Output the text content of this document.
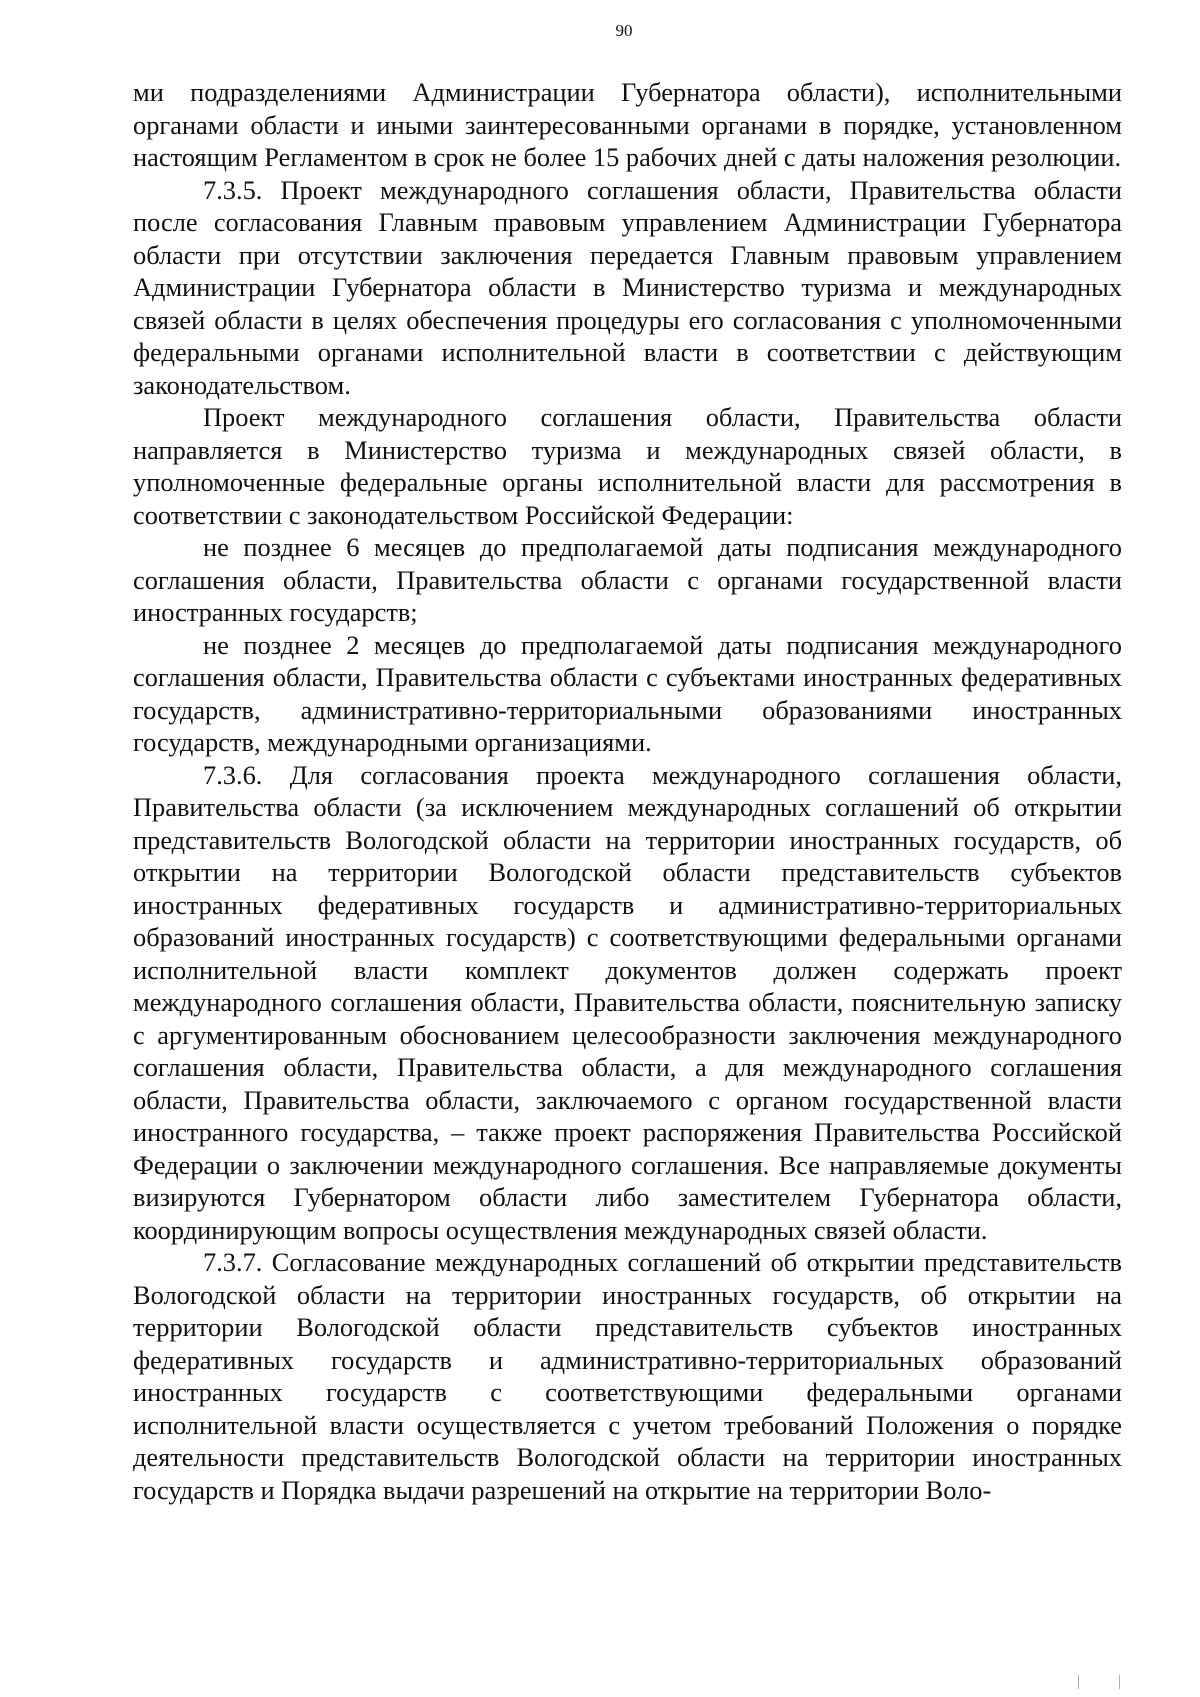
90

ми подразделениями Администрации Губернатора области), исполнительными органами области и иными заинтересованными органами в порядке, установленном настоящим Регламентом в срок не более 15 рабочих дней с даты наложения резолюции.

7.3.5. Проект международного соглашения области, Правительства области после согласования Главным правовым управлением Администрации Губернатора области при отсутствии заключения передается Главным правовым управлением Администрации Губернатора области в Министерство туризма и международных связей области в целях обеспечения процедуры его согласования с уполномоченными федеральными органами исполнительной власти в соответствии с действующим законодательством.

Проект международного соглашения области, Правительства области направляется в Министерство туризма и международных связей области, в уполномоченные федеральные органы исполнительной власти для рассмотрения в соответствии с законодательством Российской Федерации:

не позднее 6 месяцев до предполагаемой даты подписания международного соглашения области, Правительства области с органами государственной власти иностранных государств;

не позднее 2 месяцев до предполагаемой даты подписания международного соглашения области, Правительства области с субъектами иностранных федеративных государств, административно-территориальными образованиями иностранных государств, международными организациями.

7.3.6. Для согласования проекта международного соглашения области, Правительства области (за исключением международных соглашений об открытии представительств Вологодской области на территории иностранных государств, об открытии на территории Вологодской области представительств субъектов иностранных федеративных государств и административно-территориальных образований иностранных государств) с соответствующими федеральными органами исполнительной власти комплект документов должен содержать проект международного соглашения области, Правительства области, пояснительную записку с аргументированным обоснованием целесообразности заключения международного соглашения области, Правительства области, а для международного соглашения области, Правительства области, заключаемого с органом государственной власти иностранного государства, – также проект распоряжения Правительства Российской Федерации о заключении международного соглашения. Все направляемые документы визируются Губернатором области либо заместителем Губернатора области, координирующим вопросы осуществления международных связей области.

7.3.7. Согласование международных соглашений об открытии представительств Вологодской области на территории иностранных государств, об открытии на территории Вологодской области представительств субъектов иностранных федеративных государств и административно-территориальных образований иностранных государств с соответствующими федеральными органами исполнительной власти осуществляется с учетом требований Положения о порядке деятельности представительств Вологодской области на территории иностранных государств и Порядка выдачи разрешений на открытие на территории Воло-
